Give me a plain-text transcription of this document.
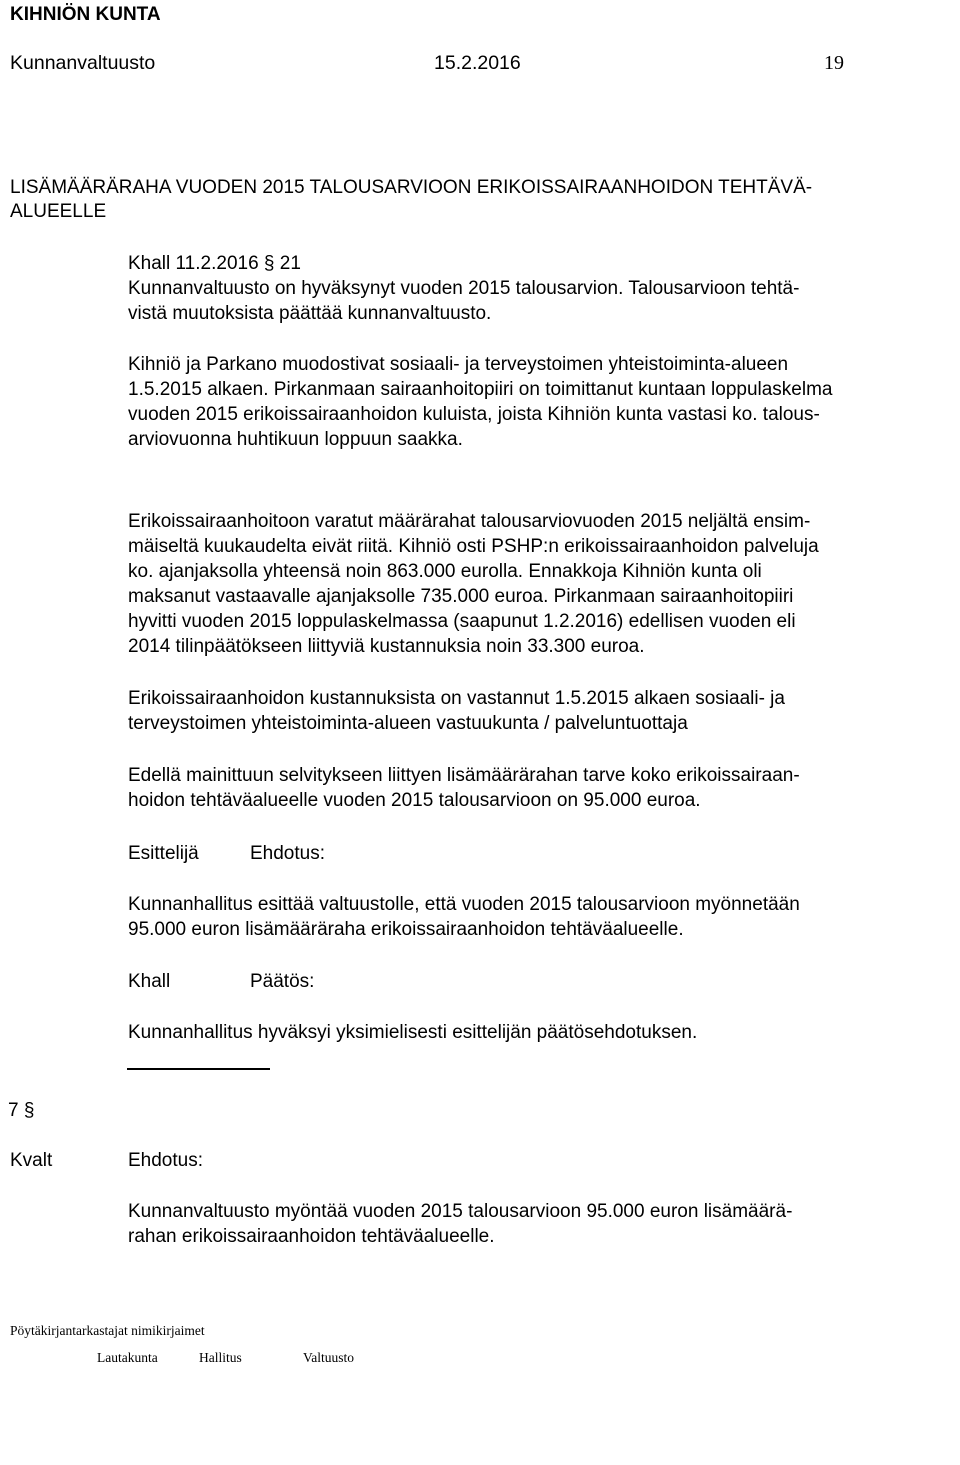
KIHNIÖN KUNTA
Kunnanvaltuusto	15.2.2016	19
LISÄMÄÄRÄRAHA VUODEN 2015 TALOUSARVIOON ERIKOISSAIRAANHOIDON TEHTÄVÄ-
ALUEELLE
Khall 11.2.2016 § 21
Kunnanvaltuusto on hyväksynyt vuoden 2015 talousarvion. Talousarvioon tehtä-
vistä muutoksista päättää kunnanvaltuusto.
Kihniö ja Parkano muodostivat sosiaali- ja terveystoimen yhteistoiminta-alueen
1.5.2015 alkaen. Pirkanmaan sairaanhoitopiiri on toimittanut kuntaan loppulaskelma
vuoden 2015 erikoissairaanhoidon kuluista, joista Kihniön kunta vastasi ko. talous-
arviovuonna huhtikuun loppuun saakka.
Erikoissairaanhoitoon varatut määrärahat talousarviovuoden 2015 neljältä ensim-
mäiseltä kuukaudelta eivät riitä. Kihniö osti PSHP:n erikoissairaanhoidon palveluja
ko. ajanjaksolla yhteensä noin 863.000 eurolla. Ennakkoja Kihniön kunta oli
maksanut vastaavalle ajanjaksolle 735.000 euroa. Pirkanmaan sairaanhoitopiiri
hyvitti vuoden 2015 loppulaskelmassa (saapunut 1.2.2016) edellisen vuoden eli
2014 tilinpäätökseen liittyviä kustannuksia noin 33.300 euroa.
Erikoissairaanhoidon kustannuksista on vastannut 1.5.2015 alkaen sosiaali- ja
terveystoimen yhteistoiminta-alueen vastuukunta / palveluntuottaja
Edellä mainittuun selvitykseen liittyen lisämäärärahan tarve koko erikoissairaan-
hoidon tehtäväalueelle vuoden 2015 talousarvioon on 95.000 euroa.
Esittelijä	Ehdotus:
Kunnanhallitus esittää valtuustolle, että vuoden 2015 talousarvioon myönnetään
95.000 euron lisämääräraha erikoissairaanhoidon tehtäväalueelle.
Khall	Päätös:
Kunnanhallitus hyväksyi yksimielisesti esittelijän päätösehdotuksen.
7 §
Kvalt	Ehdotus:
Kunnanvaltuusto myöntää vuoden 2015 talousarvioon 95.000 euron lisämäärä-
rahan erikoissairaanhoidon tehtäväalueelle.
Pöytäkirjantarkastajat nimikirjaimet
Lautakunta	Hallitus	Valtuusto
